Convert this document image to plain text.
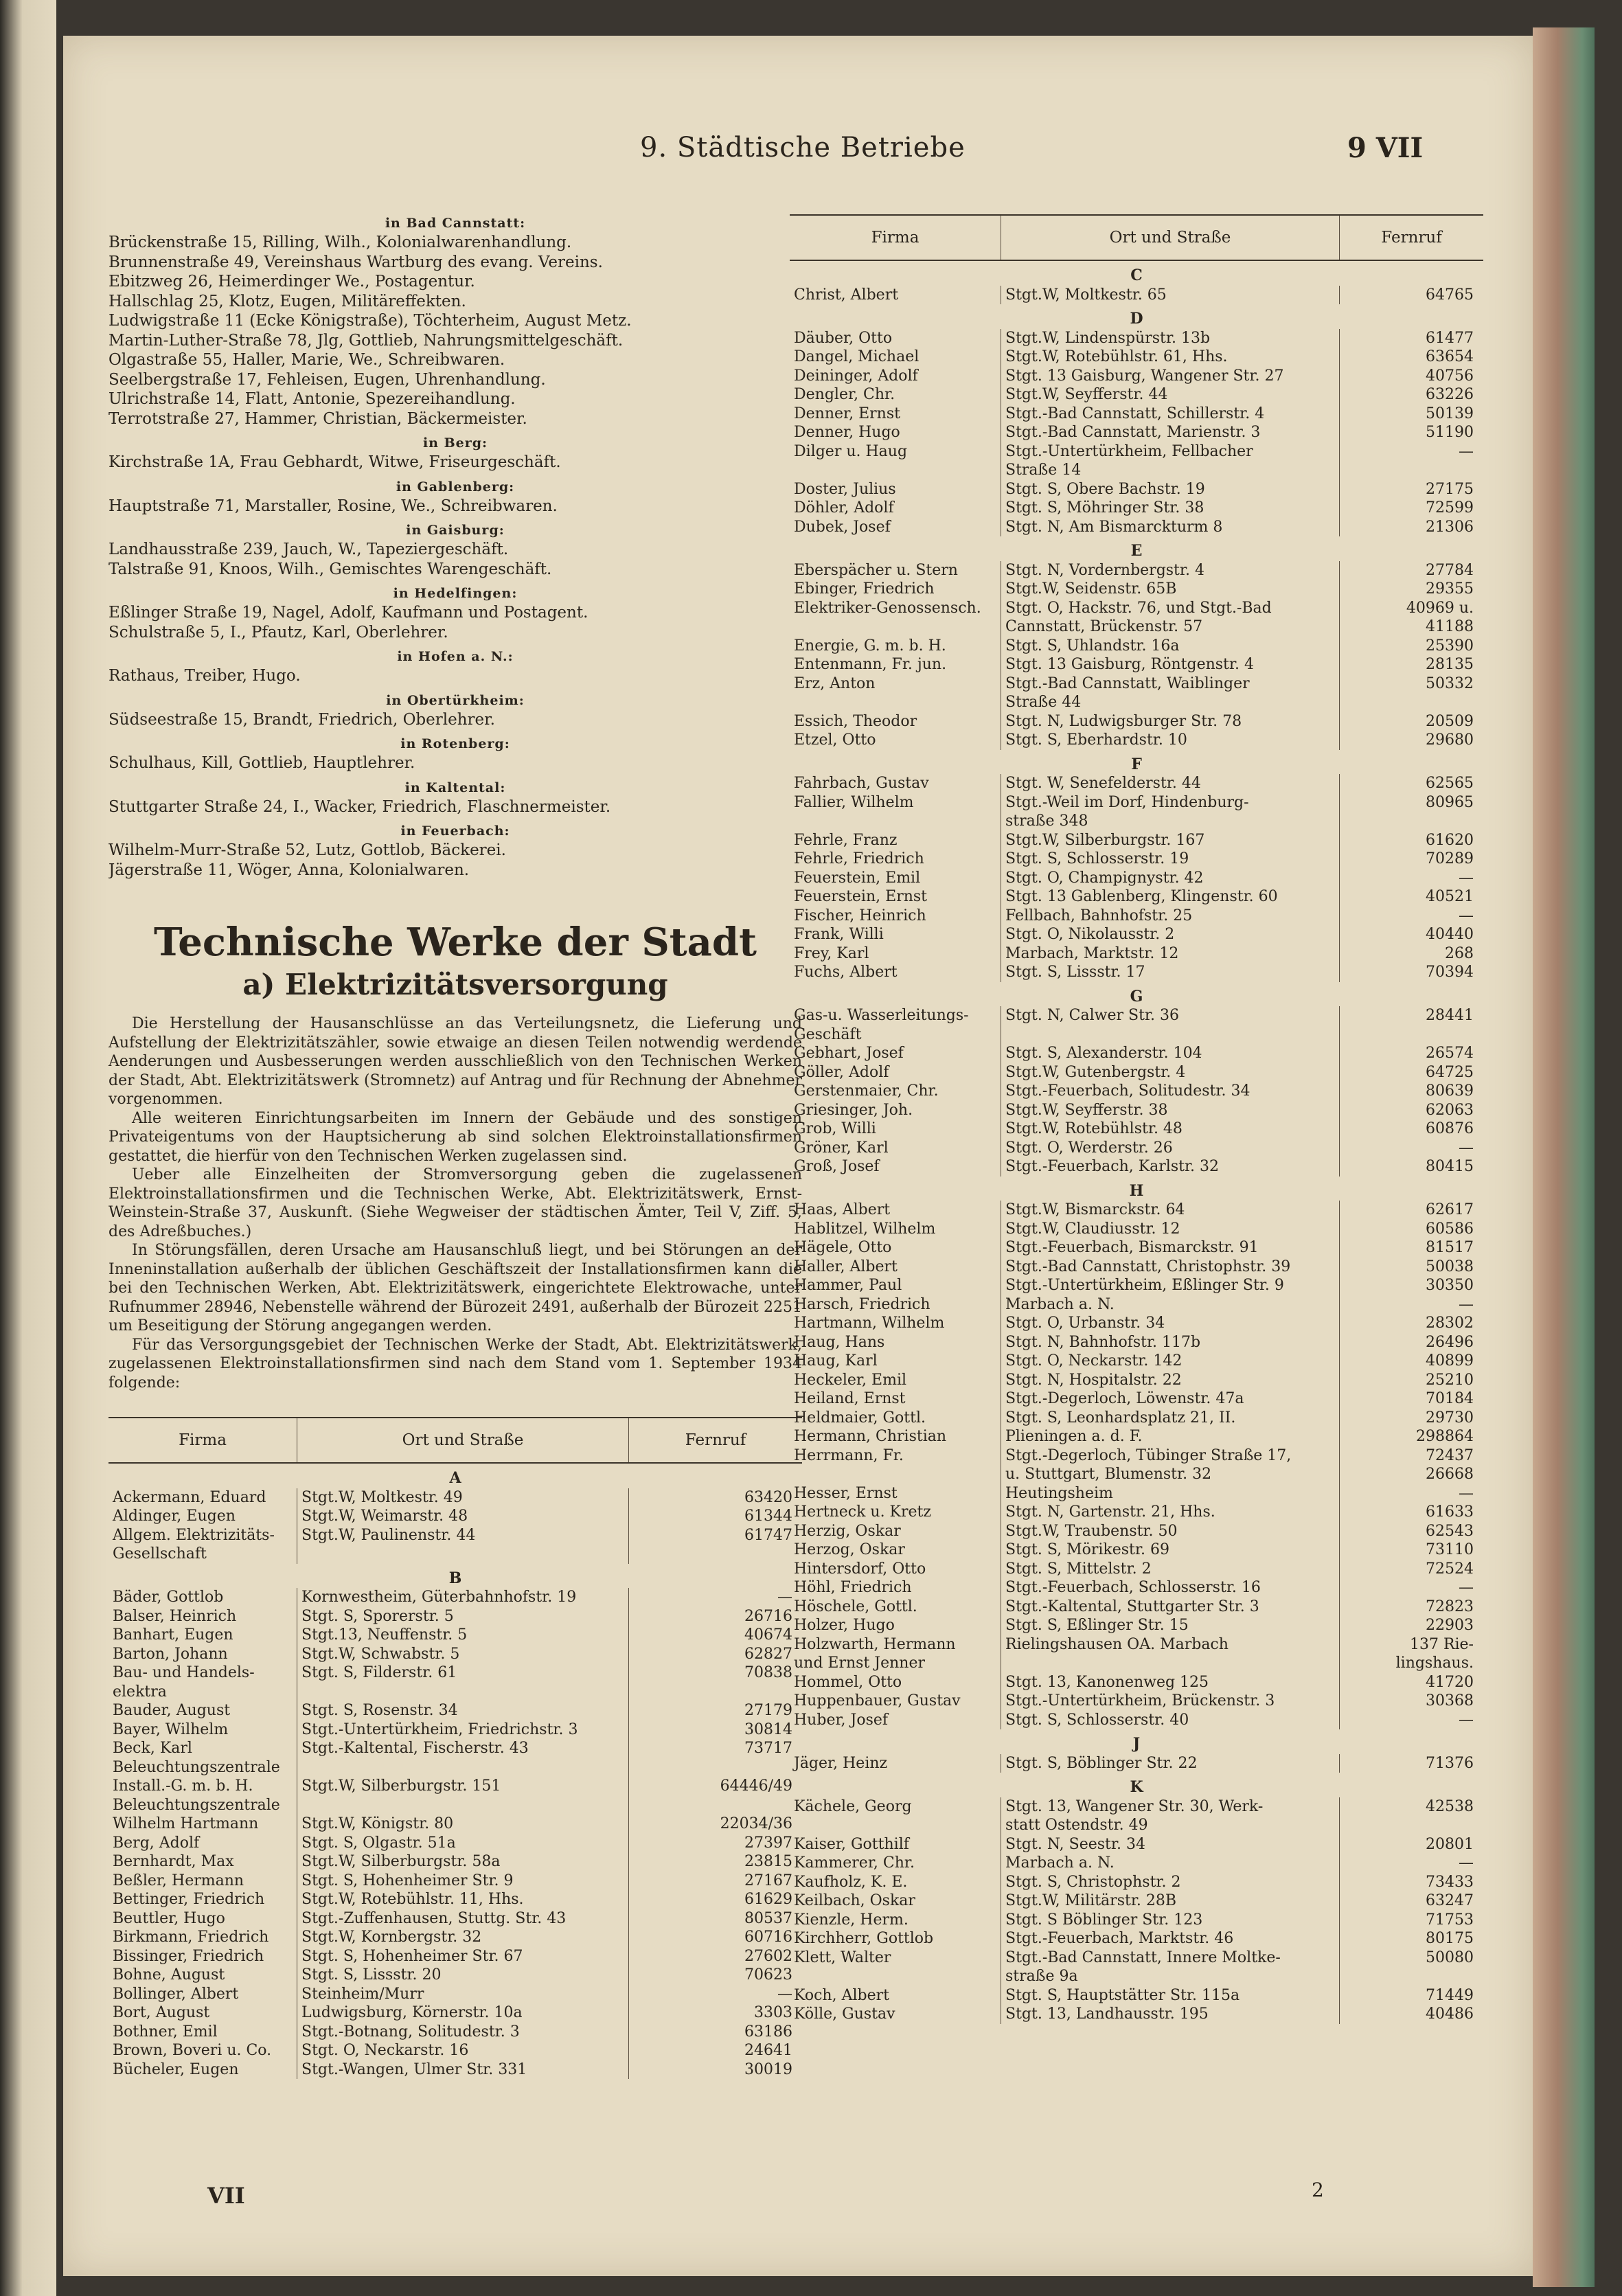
9. Städtische Betriebe	9 VII
in Bad Cannstatt:
Brückenstraße 15, Rilling, Wilh., Kolonialwarenhandlung.
Brunnenstraße 49, Vereinshaus Wartburg des evang. Vereins.
Ebitzweg 26, Heimerdinger We., Postagentur.
Hallschlag 25, Klotz, Eugen, Militäreffekten.
Ludwigstraße 11 (Ecke Königstraße), Töchterheim, August Metz.
Martin-Luther-Straße 78, Jlg, Gottlieb, Nahrungsmittelgeschäft.
Olgastraße 55, Haller, Marie, We., Schreibwaren.
Seelbergstraße 17, Fehleisen, Eugen, Uhrenhandlung.
Ulrichstraße 14, Flatt, Antonie, Spezereihandlung.
Terrotstraße 27, Hammer, Christian, Bäckermeister.
in Berg:
Kirchstraße 1A, Frau Gebhardt, Witwe, Friseurgeschäft.
in Gablenberg:
Hauptstraße 71, Marstaller, Rosine, We., Schreibwaren.
in Gaisburg:
Landhausstraße 239, Jauch, W., Tapeziergeschäft.
Talstraße 91, Knoos, Wilh., Gemischtes Warengeschäft.
in Hedelfingen:
Eßlinger Straße 19, Nagel, Adolf, Kaufmann und Postagent.
Schulstraße 5, I., Pfautz, Karl, Oberlehrer.
in Hofen a. N.:
Rathaus, Treiber, Hugo.
in Obertürkheim:
Südseestraße 15, Brandt, Friedrich, Oberlehrer.
in Rotenberg:
Schulhaus, Kill, Gottlieb, Hauptlehrer.
in Kaltental:
Stuttgarter Straße 24, I., Wacker, Friedrich, Flaschnermeister.
in Feuerbach:
Wilhelm-Murr-Straße 52, Lutz, Gottlob, Bäckerei.
Jägerstraße 11, Wöger, Anna, Kolonialwaren.
Technische Werke der Stadt
a) Elektrizitätsversorgung

Die Herstellung der Hausanschlüsse an das Verteilungsnetz, die Lieferung und Aufstellung der Elektrizitätszähler, sowie etwaige an diesen Teilen notwendig werdende Aenderungen und Ausbesserungen werden ausschließlich von den Technischen Werken der Stadt, Abt. Elektrizitätswerk (Stromnetz) auf Antrag und für Rechnung der Abnehmer vorgenommen.

Alle weiteren Einrichtungsarbeiten im Innern der Gebäude und des sonstigen Privateigentums von der Hauptsicherung ab sind solchen Elektroinstallationsfirmen gestattet, die hierfür von den Technischen Werken zugelassen sind.

Ueber alle Einzelheiten der Stromversorgung geben die zugelassenen Elektroinstallationsfirmen und die Technischen Werke, Abt. Elektrizitätswerk, Ernst-Weinstein-Straße 37, Auskunft. (Siehe Wegweiser der städtischen Ämter, Teil V, Ziff. 5, des Adreßbuches.)

In Störungsfällen, deren Ursache am Hausanschluß liegt, und bei Störungen an der Inneninstallation außerhalb der üblichen Geschäftszeit der Installationsfirmen kann die bei den Technischen Werken, Abt. Elektrizitätswerk, eingerichtete Elektrowache, unter Rufnummer 28946, Nebenstelle während der Bürozeit 2491, außerhalb der Bürozeit 2251 um Beseitigung der Störung angegangen werden.

Für das Versorgungsgebiet der Technischen Werke der Stadt, Abt. Elektrizitätswerk, zugelassenen Elektroinstallationsfirmen sind nach dem Stand vom 1. September 1934 folgende:

Firma	Ort und Straße	Fernruf
A		
Ackermann, Eduard	Stgt.W, Moltkestr. 49	63420
Aldinger, Eugen	Stgt.W, Weimarstr. 48	61344
Allgem. Elektrizitäts-	Stgt.W, Paulinenstr. 44	61747
Gesellschaft		
B		
Bäder, Gottlob	Kornwestheim, Güterbahnhofstr. 19	—
Balser, Heinrich	Stgt. S, Sporerstr. 5	26716
Banhart, Eugen	Stgt.13, Neuffenstr. 5	40674
Barton, Johann	Stgt.W, Schwabstr. 5	62827
Bau- und Handels-	Stgt. S, Filderstr. 61	70838
elektra		
Bauder, August	Stgt. S, Rosenstr. 34	27179
Bayer, Wilhelm	Stgt.-Untertürkheim, Friedrichstr. 3	30814
Beck, Karl	Stgt.-Kaltental, Fischerstr. 43	73717
Beleuchtungszentrale		
Install.-G. m. b. H.	Stgt.W, Silberburgstr. 151	64446/49
Beleuchtungszentrale		
Wilhelm Hartmann	Stgt.W, Königstr. 80	22034/36
Berg, Adolf	Stgt. S, Olgastr. 51a	27397
Bernhardt, Max	Stgt.W, Silberburgstr. 58a	23815
Beßler, Hermann	Stgt. S, Hohenheimer Str. 9	27167
Bettinger, Friedrich	Stgt.W, Rotebühlstr. 11, Hhs.	61629
Beuttler, Hugo	Stgt.-Zuffenhausen, Stuttg. Str. 43	80537
Birkmann, Friedrich	Stgt.W, Kornbergstr. 32	60716
Bissinger, Friedrich	Stgt. S, Hohenheimer Str. 67	27602
Bohne, August	Stgt. S, Lissstr. 20	70623
Bollinger, Albert	Steinheim/Murr	—
Bort, August	Ludwigsburg, Körnerstr. 10a	3303
Bothner, Emil	Stgt.-Botnang, Solitudestr. 3	63186
Brown, Boveri u. Co.	Stgt. O, Neckarstr. 16	24641
Bücheler, Eugen	Stgt.-Wangen, Ulmer Str. 331	30019
Firma	Ort und Straße	Fernruf
C		
Christ, Albert	Stgt.W, Moltkestr. 65	64765
D		
Däuber, Otto	Stgt.W, Lindenspürstr. 13b	61477
Dangel, Michael	Stgt.W, Rotebühlstr. 61, Hhs.	63654
Deininger, Adolf	Stgt. 13 Gaisburg, Wangener Str. 27	40756
Dengler, Chr.	Stgt.W, Seyfferstr. 44	63226
Denner, Ernst	Stgt.-Bad Cannstatt, Schillerstr. 4	50139
Denner, Hugo	Stgt.-Bad Cannstatt, Marienstr. 3	51190
Dilger u. Haug	Stgt.-Untertürkheim, Fellbacher	—
	Straße 14	
Doster, Julius	Stgt. S, Obere Bachstr. 19	27175
Döhler, Adolf	Stgt. S, Möhringer Str. 38	72599
Dubek, Josef	Stgt. N, Am Bismarckturm 8	21306
E		
Eberspächer u. Stern	Stgt. N, Vordernbergstr. 4	27784
Ebinger, Friedrich	Stgt.W, Seidenstr. 65B	29355
Elektriker-Genossensch.	Stgt. O, Hackstr. 76, und Stgt.-Bad	40969 u.
	Cannstatt, Brückenstr. 57	41188
Energie, G. m. b. H.	Stgt. S, Uhlandstr. 16a	25390
Entenmann, Fr. jun.	Stgt. 13 Gaisburg, Röntgenstr. 4	28135
Erz, Anton	Stgt.-Bad Cannstatt, Waiblinger	50332
	Straße 44	
Essich, Theodor	Stgt. N, Ludwigsburger Str. 78	20509
Etzel, Otto	Stgt. S, Eberhardstr. 10	29680
F		
Fahrbach, Gustav	Stgt. W, Senefelderstr. 44	62565
Fallier, Wilhelm	Stgt.-Weil im Dorf, Hindenburg-	80965
	straße 348	
Fehrle, Franz	Stgt.W, Silberburgstr. 167	61620
Fehrle, Friedrich	Stgt. S, Schlosserstr. 19	70289
Feuerstein, Emil	Stgt. O, Champignystr. 42	—
Feuerstein, Ernst	Stgt. 13 Gablenberg, Klingenstr. 60	40521
Fischer, Heinrich	Fellbach, Bahnhofstr. 25	—
Frank, Willi	Stgt. O, Nikolausstr. 2	40440
Frey, Karl	Marbach, Marktstr. 12	268
Fuchs, Albert	Stgt. S, Lissstr. 17	70394
G		
Gas-u. Wasserleitungs-	Stgt. N, Calwer Str. 36	28441
Geschäft		
Gebhart, Josef	Stgt. S, Alexanderstr. 104	26574
Göller, Adolf	Stgt.W, Gutenbergstr. 4	64725
Gerstenmaier, Chr.	Stgt.-Feuerbach, Solitudestr. 34	80639
Griesinger, Joh.	Stgt.W, Seyfferstr. 38	62063
Grob, Willi	Stgt.W, Rotebühlstr. 48	60876
Gröner, Karl	Stgt. O, Werderstr. 26	—
Groß, Josef	Stgt.-Feuerbach, Karlstr. 32	80415
H		
Haas, Albert	Stgt.W, Bismarckstr. 64	62617
Hablitzel, Wilhelm	Stgt.W, Claudiusstr. 12	60586
Hägele, Otto	Stgt.-Feuerbach, Bismarckstr. 91	81517
Haller, Albert	Stgt.-Bad Cannstatt, Christophstr. 39	50038
Hammer, Paul	Stgt.-Untertürkheim, Eßlinger Str. 9	30350
Harsch, Friedrich	Marbach a. N.	—
Hartmann, Wilhelm	Stgt. O, Urbanstr. 34	28302
Haug, Hans	Stgt. N, Bahnhofstr. 117b	26496
Haug, Karl	Stgt. O, Neckarstr. 142	40899
Heckeler, Emil	Stgt. N, Hospitalstr. 22	25210
Heiland, Ernst	Stgt.-Degerloch, Löwenstr. 47a	70184
Heldmaier, Gottl.	Stgt. S, Leonhardsplatz 21, II.	29730
Hermann, Christian	Plieningen a. d. F.	298864
Herrmann, Fr.	Stgt.-Degerloch, Tübinger Straße 17,	72437
	u. Stuttgart, Blumenstr. 32	26668
Hesser, Ernst	Heutingsheim	—
Hertneck u. Kretz	Stgt. N, Gartenstr. 21, Hhs.	61633
Herzig, Oskar	Stgt.W, Traubenstr. 50	62543
Herzog, Oskar	Stgt. S, Mörikestr. 69	73110
Hintersdorf, Otto	Stgt. S, Mittelstr. 2	72524
Höhl, Friedrich	Stgt.-Feuerbach, Schlosserstr. 16	—
Höschele, Gottl.	Stgt.-Kaltental, Stuttgarter Str. 3	72823
Holzer, Hugo	Stgt. S, Eßlinger Str. 15	22903
Holzwarth, Hermann	Rielingshausen OA. Marbach	137 Rie-
und Ernst Jenner		lingshaus.
Hommel, Otto	Stgt. 13, Kanonenweg 125	41720
Huppenbauer, Gustav	Stgt.-Untertürkheim, Brückenstr. 3	30368
Huber, Josef	Stgt. S, Schlosserstr. 40	—
J		
Jäger, Heinz	Stgt. S, Böblinger Str. 22	71376
K		
Kächele, Georg	Stgt. 13, Wangener Str. 30, Werk-	42538
	statt Ostendstr. 49	
Kaiser, Gotthilf	Stgt. N, Seestr. 34	20801
Kammerer, Chr.	Marbach a. N.	—
Kaufholz, K. E.	Stgt. S, Christophstr. 2	73433
Keilbach, Oskar	Stgt.W, Militärstr. 28B	63247
Kienzle, Herm.	Stgt. S Böblinger Str. 123	71753
Kirchherr, Gottlob	Stgt.-Feuerbach, Marktstr. 46	80175
Klett, Walter	Stgt.-Bad Cannstatt, Innere Moltke-	50080
	straße 9a	
Koch, Albert	Stgt. S, Hauptstätter Str. 115a	71449
Kölle, Gustav	Stgt. 13, Landhausstr. 195	40486
VII	2
